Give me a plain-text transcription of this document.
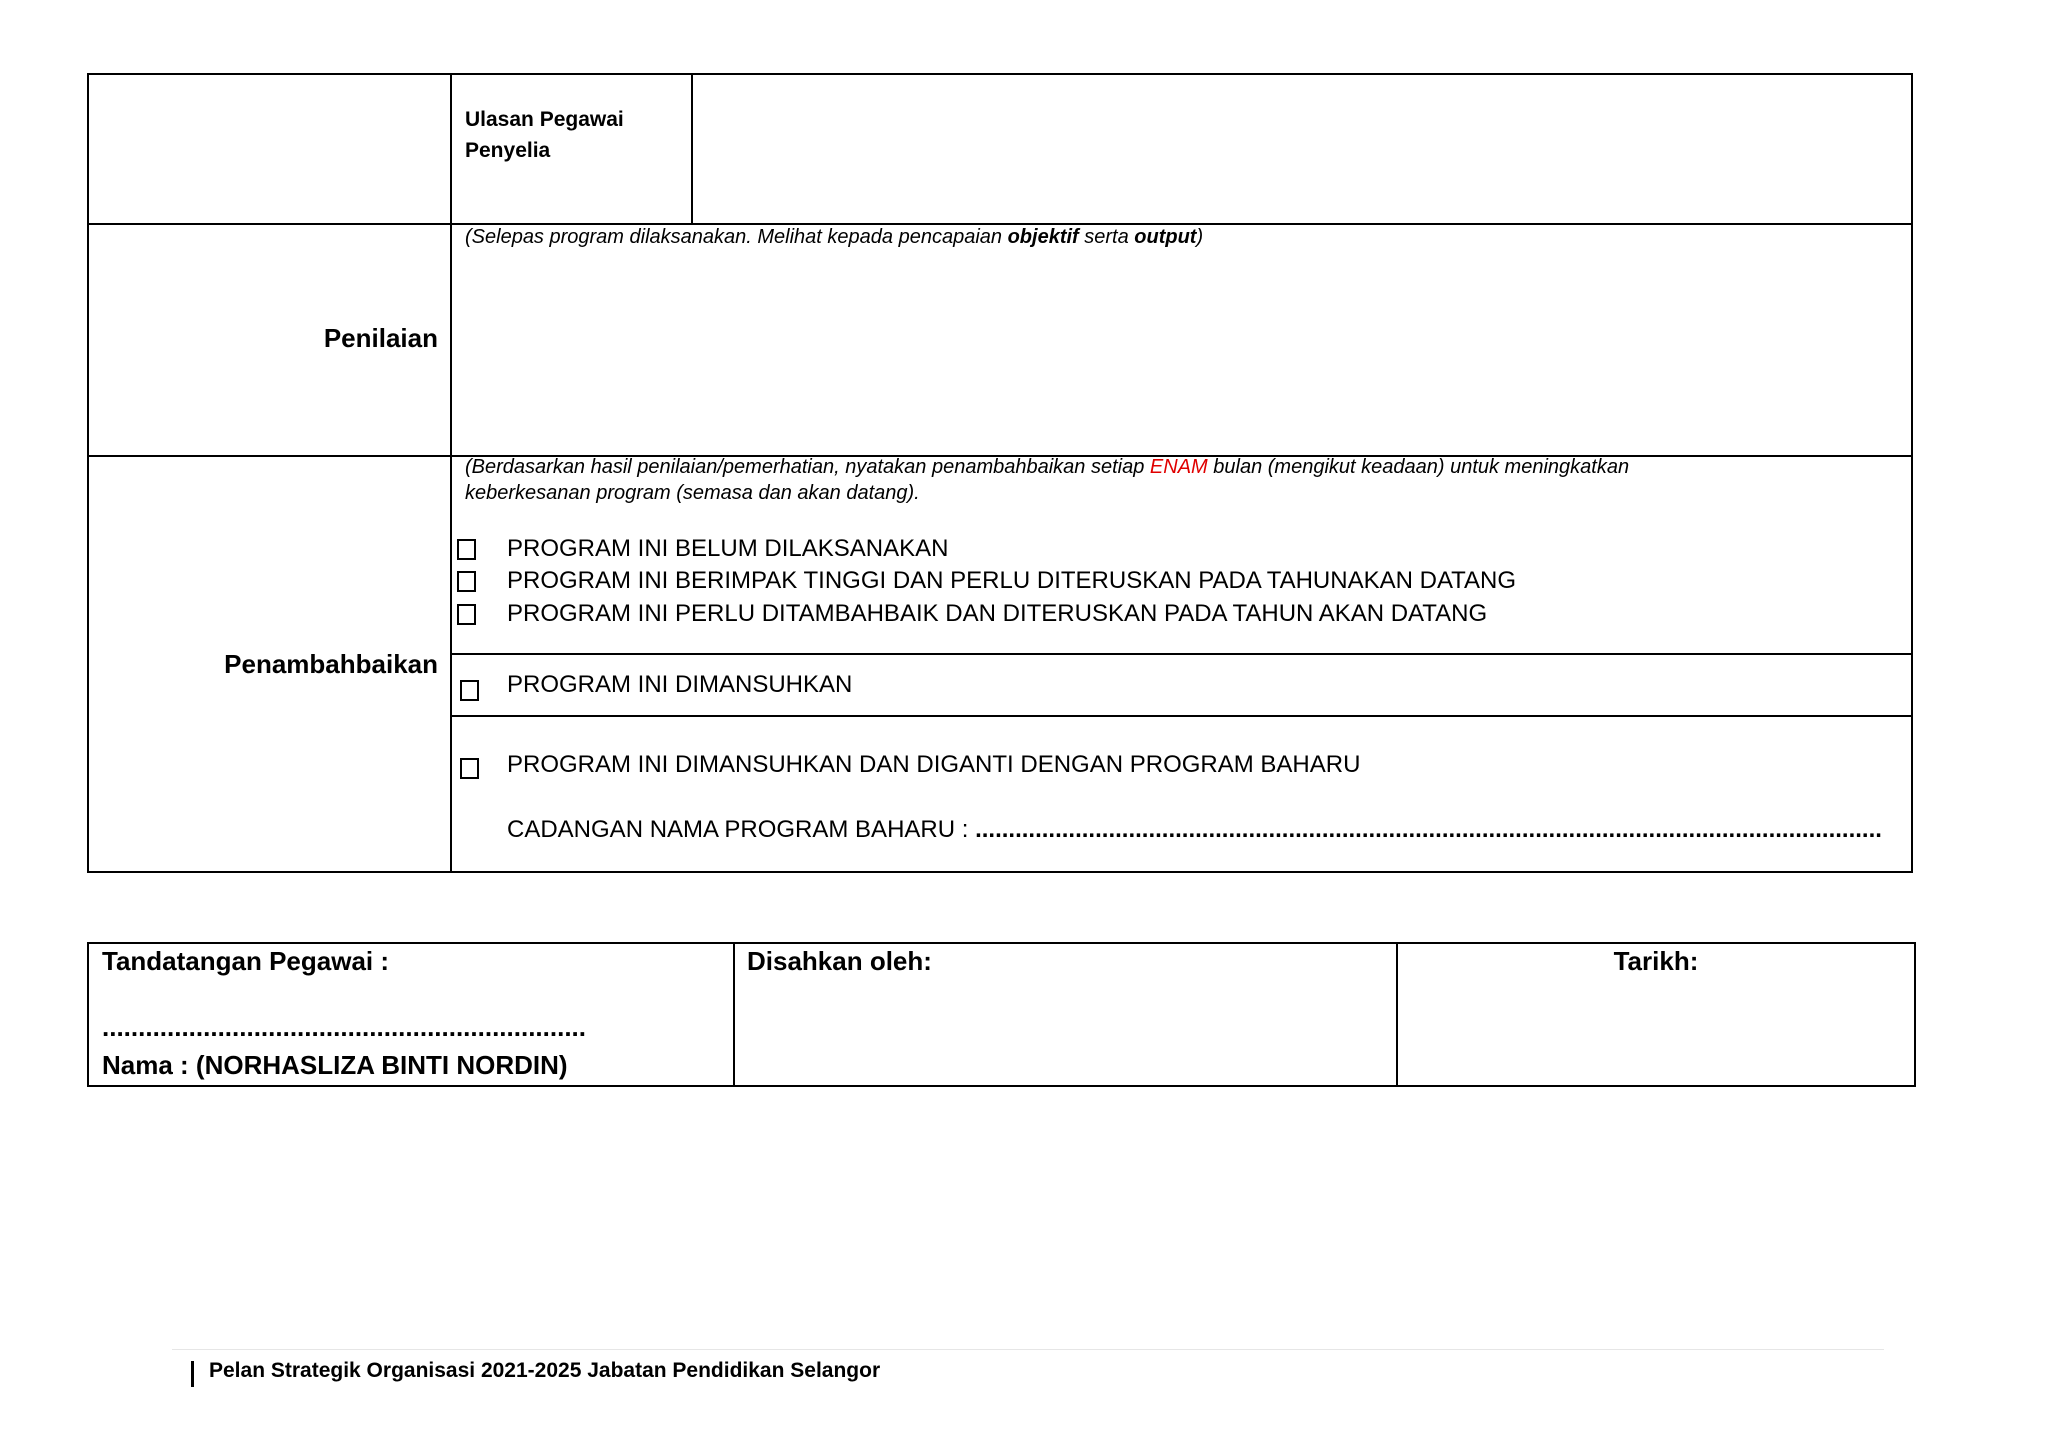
Ulasan Pegawai
Penyelia
Penilaian
(Selepas program dilaksanakan. Melihat kepada pencapaian objektif serta output)
Penambahbaikan
(Berdasarkan hasil penilaian/pemerhatian, nyatakan penambahbaikan setiap ENAM bulan (mengikut keadaan) untuk meningkatkan
keberkesanan program (semasa dan akan datang).
PROGRAM INI BELUM DILAKSANAKAN
PROGRAM INI BERIMPAK TINGGI DAN PERLU DITERUSKAN PADA TAHUNAKAN DATANG
PROGRAM INI PERLU DITAMBAHBAIK DAN DITERUSKAN PADA TAHUN AKAN DATANG
PROGRAM INI DIMANSUHKAN
PROGRAM INI DIMANSUHKAN DAN DIGANTI DENGAN PROGRAM BAHARU
CADANGAN NAMA PROGRAM BAHARU : ........................................................................................................................................
Tandatangan Pegawai :
...................................................................
Nama : (NORHASLIZA BINTI NORDIN)
Disahkan oleh:	Tarikh:
Pelan Strategik Organisasi 2021-2025 Jabatan Pendidikan Selangor
